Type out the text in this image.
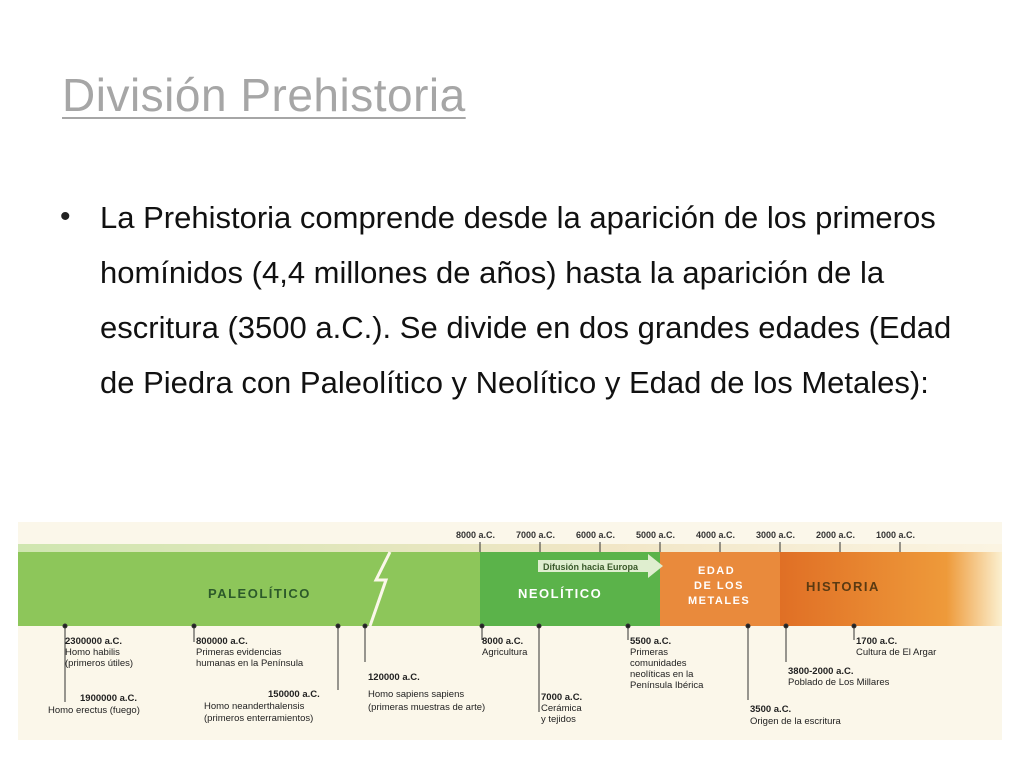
División Prehistoria
• La Prehistoria comprende desde la aparición de los primeros homínidos (4,4 millones de años) hasta la aparición de la escritura (3500 a.C.). Se divide en dos grandes edades (Edad de Piedra con Paleolítico y Neolítico y Edad de los Metales):

Difusión hacia Europa
PALEOLÍTICO	NEOLÍTICO
EDAD
DE LOS
METALES
HISTORIA
8000 a.C. 7000 a.C. 6000 a.C. 5000 a.C. 4000 a.C. 3000 a.C. 2000 a.C. 1000 a.C.
2300000 a.C.
Homo habilis
(primeros útiles)
1900000 a.C.
Homo erectus (fuego)
800000 a.C.
Primeras evidencias
humanas en la Península
150000 a.C.
Homo neanderthalensis
(primeros enterramientos)
120000 a.C.
Homo sapiens sapiens
(primeras muestras de arte)
8000 a.C.
Agricultura
7000 a.C.
Cerámica
y tejidos
5500 a.C.
Primeras
comunidades
neolíticas en la
Península Ibérica
3500 a.C.
Origen de la escritura
3800-2000 a.C.
Poblado de Los Millares
1700 a.C.
Cultura de El Argar
